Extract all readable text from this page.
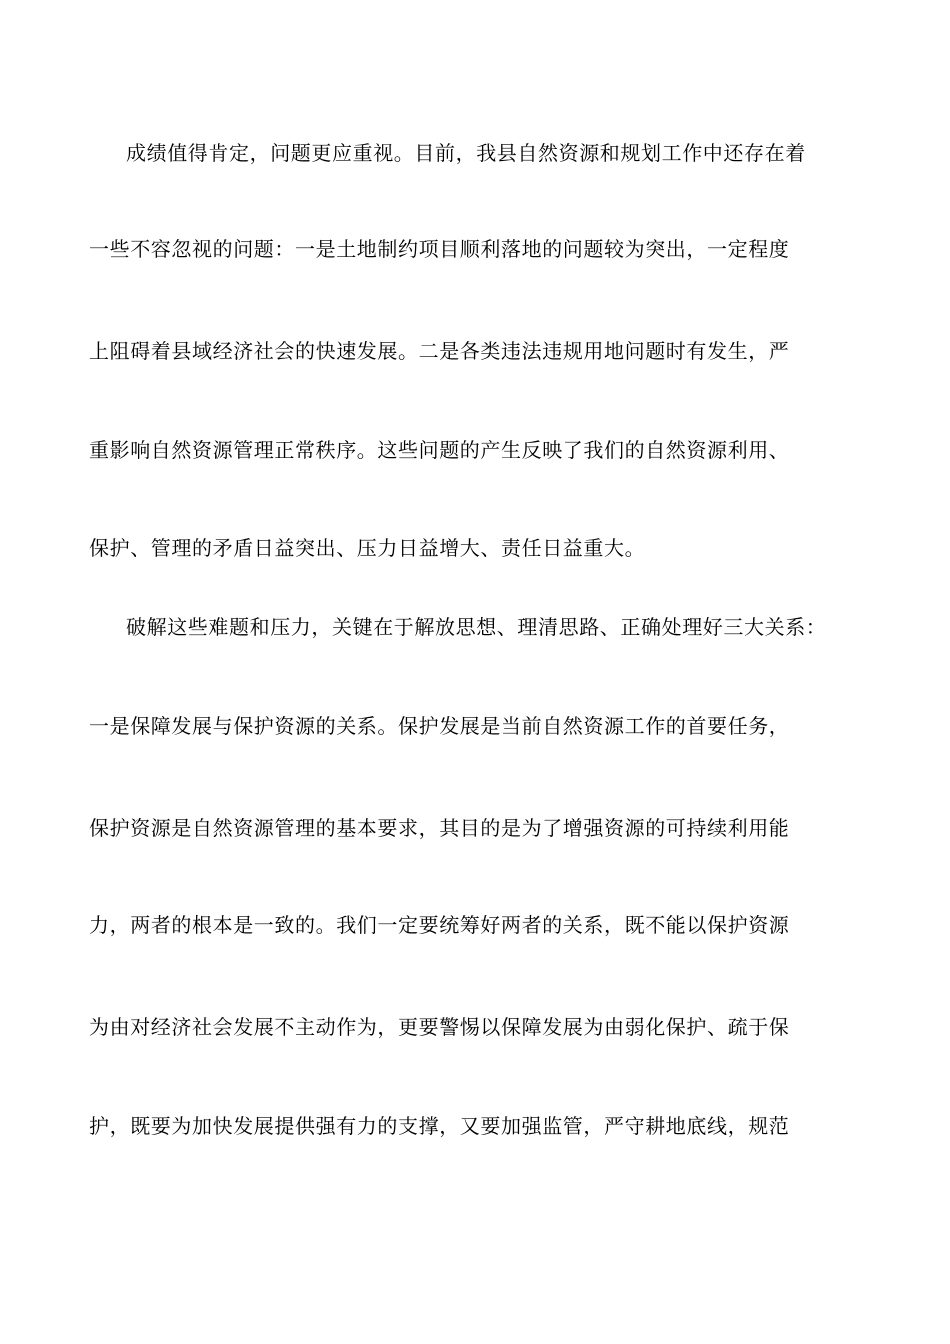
成绩值得肯定，问题更应重视。目前，我县自然资源和规划工作中还存在着
一些不容忽视的问题：一是土地制约项目顺利落地的问题较为突出，一定程度
上阻碍着县域经济社会的快速发展。二是各类违法违规用地问题时有发生，严
重影响自然资源管理正常秩序。这些问题的产生反映了我们的自然资源利用、
保护、管理的矛盾日益突出、压力日益增大、责任日益重大。
破解这些难题和压力，关键在于解放思想、理清思路、正确处理好三大关系：
一是保障发展与保护资源的关系。保护发展是当前自然资源工作的首要任务，
保护资源是自然资源管理的基本要求，其目的是为了增强资源的可持续利用能
力，两者的根本是一致的。我们一定要统筹好两者的关系，既不能以保护资源
为由对经济社会发展不主动作为，更要警惕以保障发展为由弱化保护、疏于保
护，既要为加快发展提供强有力的支撑，又要加强监管，严守耕地底线，规范
